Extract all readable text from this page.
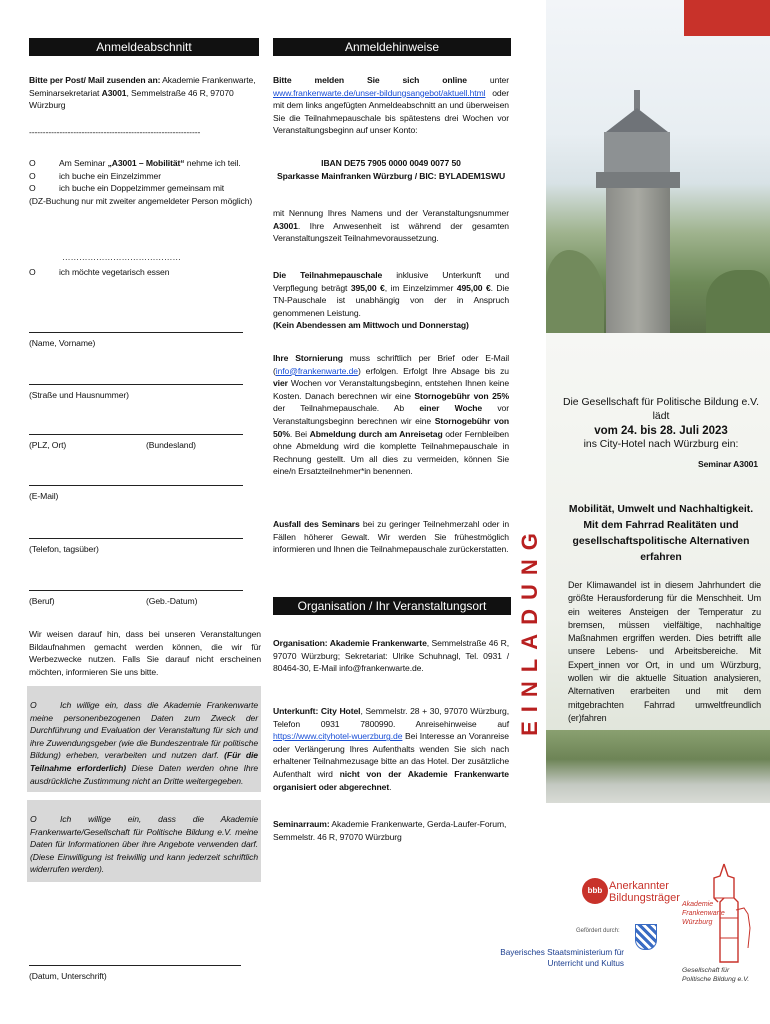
Anmeldeabschnitt
Bitte per Post/ Mail zusenden an: Akademie Frankenwarte,
Seminarsekretariat A3001, Semmelstraße 46 R, 97070 Würzburg
--------------------------------------------------------------
O	Am Seminar „A3001 – Mobilität“ nehme ich teil.
O	ich buche ein Einzelzimmer
O	ich buche ein Doppelzimmer gemeinsam mit
(DZ-Buchung nur mit zweiter angemeldeter Person möglich)
……………………………………
O	ich möchte vegetarisch essen
(Name, Vorname)
(Straße und Hausnummer)
(PLZ, Ort)	(Bundesland)
(E-Mail)
(Telefon, tagsüber)
(Beruf)	(Geb.-Datum)
Wir weisen darauf hin, dass bei unseren Veranstaltungen Bildaufnahmen gemacht werden können, die wir für Werbezwecke nutzen. Falls Sie darauf nicht erscheinen möchten, informieren Sie uns bitte.
O	Ich willige ein, dass die Akademie Frankenwarte meine personenbezogenen Daten zum Zweck der Durchführung und Evaluation der Veranstaltung für sich und ihre Zuwendungsgeber (wie die Bundeszentrale für politische Bildung) erheben, verarbeiten und nutzen darf. (Für die Teilnahme erforderlich) Diese Daten werden ohne Ihre ausdrückliche Zustimmung nicht an Dritte weitergegeben.
O	Ich willige ein, dass die Akademie Frankenwarte/Gesellschaft für Politische Bildung e.V. meine Daten für Informationen über ihre Angebote verwenden darf. (Diese Einwilligung ist freiwillig und kann jederzeit schriftlich widerrufen werden).
(Datum, Unterschrift)
Anmeldehinweise
Bitte melden Sie sich online unter www.frankenwarte.de/unser-bildungsangebot/aktuell.html oder mit dem links angefügten Anmeldeabschnitt an und überweisen Sie die Teilnahmepauschale bis spätestens drei Wochen vor Veranstaltungsbeginn auf unser Konto:
IBAN DE75 7905 0000 0049 0077 50
Sparkasse Mainfranken Würzburg / BIC: BYLADEM1SWU
mit Nennung Ihres Namens und der Veranstaltungsnummer A3001. Ihre Anwesenheit ist während der gesamten Veranstaltungszeit Teilnahmevoraussetzung.
Die Teilnahmepauschale inklusive Unterkunft und Verpflegung beträgt 395,00 €, im Einzelzimmer 495,00 €. Die TN-Pauschale ist unabhängig von der in Anspruch genommenen Leistung.
(Kein Abendessen am Mittwoch und Donnerstag)
Ihre Stornierung muss schriftlich per Brief oder E-Mail (info@frankenwarte.de) erfolgen. Erfolgt Ihre Absage bis zu vier Wochen vor Veranstaltungsbeginn, entstehen Ihnen keine Kosten. Danach berechnen wir eine Stornogebühr von 25% der Teilnahmepauschale. Ab einer Woche vor Veranstaltungsbeginn berechnen wir eine Stornogebühr von 50%. Bei Abmeldung durch am Anreisetag oder Fernbleiben ohne Abmeldung wird die komplette Teilnahmepauschale in Rechnung gestellt. Um all dies zu vermeiden, können Sie eine/n Ersatzteilnehmer*in benennen.
Ausfall des Seminars bei zu geringer Teilnehmerzahl oder in Fällen höherer Gewalt. Wir werden Sie frühestmöglich informieren und Ihnen die Teilnahmepauschale zurückerstatten.
Organisation / Ihr Veranstaltungsort
Organisation: Akademie Frankenwarte, Semmelstraße 46 R, 97070 Würzburg; Sekretariat: Ulrike Schuhnagl, Tel. 0931 / 80464-30, E-Mail info@frankenwarte.de.
Unterkunft: City Hotel, Semmelstr. 28 + 30, 97070 Würzburg, Telefon 0931 7800990. Anreisehinweise auf https://www.cityhotel-wuerzburg.de Bei Interesse an Voranreise oder Verlängerung Ihres Aufenthalts wenden Sie sich nach erhaltener Teilnahmezusage bitte an das Hotel. Der zusätzliche Aufenthalt wird nicht von der Akademie Frankenwarte organisiert oder abgerechnet.
Seminarraum: Akademie Frankenwarte, Gerda-Laufer-Forum, Semmelstr. 46 R, 97070 Würzburg
EINLADUNG
Die Gesellschaft für Politische Bildung e.V. lädt
vom 24. bis 28. Juli 2023
ins City-Hotel nach Würzburg ein:
Seminar A3001
Mobilität, Umwelt und Nachhaltigkeit.
Mit dem Fahrrad Realitäten und
gesellschaftspolitische Alternativen erfahren
Der Klimawandel ist in diesem Jahrhundert die größte Herausforderung für die Menschheit. Um ein weiteres Ansteigen der Temperatur zu bremsen, müssen vielfältige, nachhaltige Maßnahmen ergriffen werden. Dies betrifft alle unsere Lebens- und Arbeitsbereiche. Mit Expert_innen vor Ort, in und um Würzburg, wollen wir die aktuelle Situation analysieren, Alternativen erarbeiten und mit dem mitgebrachten Fahrrad umweltfreundlich (er)fahren
bbb Anerkannter
Bildungsträger
Gefördert durch:
Bayerisches Staatsministerium für
Unterricht und Kultus
Akademie
Frankenwarte
Würzburg
Gesellschaft für
Politische Bildung e.V.
